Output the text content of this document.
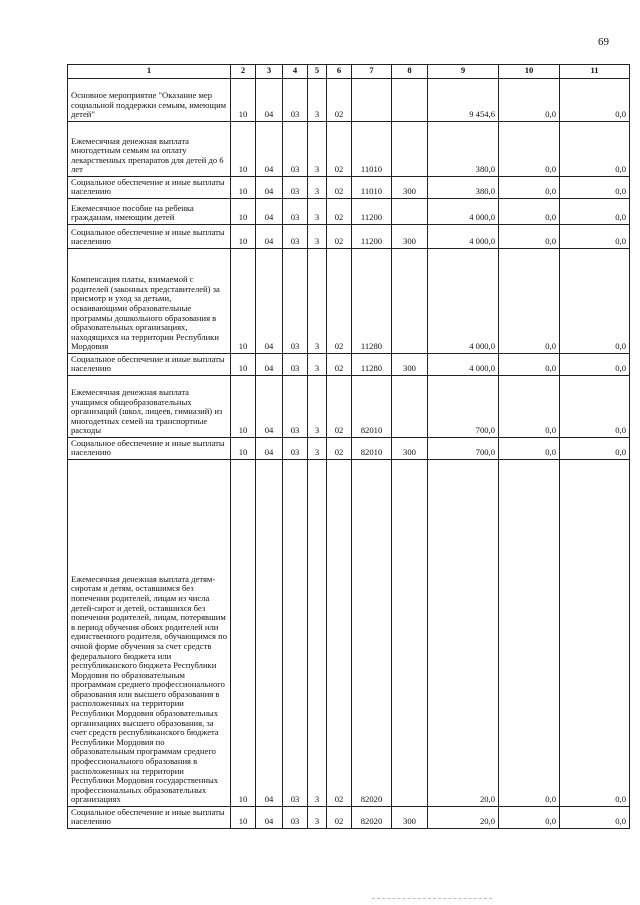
69
1	2	3	4	5	6	7	8	9	10	11
Основное мероприятие "Оказание мер социальной поддержки семьям, имеющим детей"	10	04	03	3	02			9 454,6	0,0	0,0
Ежемесячная денежная выплата многодетным семьям на оплату лекарственных препаратов для детей до 6 лет	10	04	03	3	02	11010		380,0	0,0	0,0
Социальное обеспечение и иные выплаты населению	10	04	03	3	02	11010	300	380,0	0,0	0,0
Ежемесячное пособие на ребенка гражданам, имеющим детей	10	04	03	3	02	11200		4 000,0	0,0	0,0
Социальное обеспечение и иные выплаты населению	10	04	03	3	02	11200	300	4 000,0	0,0	0,0
Компенсация платы, взимаемой с родителей (законных представителей) за присмотр и уход за детьми, осваивающими образовательные программы дошкольного образования в образовательных организациях, находящихся на территории Республики Мордовия	10	04	03	3	02	11280		4 000,0	0,0	0,0
Социальное обеспечение и иные выплаты населению	10	04	03	3	02	11280	300	4 000,0	0,0	0,0
Ежемесячная денежная выплата учащимся общеобразовательных организаций (школ, лицеев, гимназий) из многодетных семей на транспортные расходы	10	04	03	3	02	82010		700,0	0,0	0,0
Социальное обеспечение и иные выплаты населению	10	04	03	3	02	82010	300	700,0	0,0	0,0
Ежемесячная денежная выплата детям-сиротам и детям, оставшимся без попечения родителей, лицам из числа детей-сирот и детей, оставшихся без попечения родителей, лицам, потерявшим в период обучения обоих родителей или единственного родителя, обучающимся по очной форме обучения за счет средств федерального бюджета или республиканского бюджета Республики Мордовия по образовательным программам среднего профессионального образования или высшего образования в расположенных на территории Республики Мордовия образовательных организациях высшего образования, за счет средств республиканского бюджета Республики Мордовия по образовательным программам среднего профессионального образования в расположенных на территории Республики Мордовия государственных профессиональных образовательных организациях	10	04	03	3	02	82020		20,0	0,0	0,0
Социальное обеспечение и иные выплаты населению	10	04	03	3	02	82020	300	20,0	0,0	0,0
